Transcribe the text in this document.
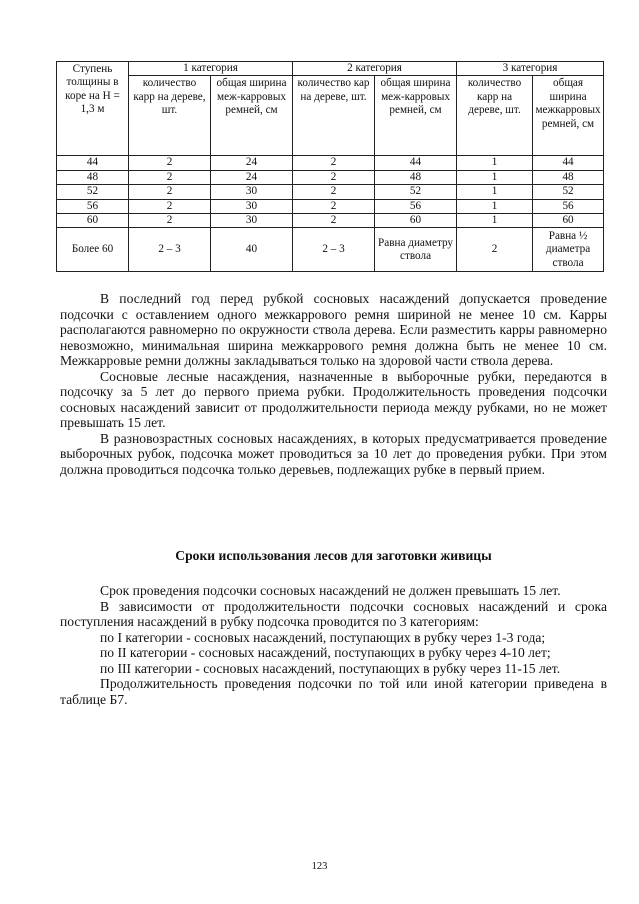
Ступень толщины в коре на Н = 1,3 м	1 категория		2 категория		3 категория	
	количество карр на дереве, шт.	общая ширина меж-карровых ремней, см	количество кар на дереве, шт.	общая ширина меж-карровых ремней, см	количество карр на дереве, шт.	общая ширина межкарровых ремней, см
44	2	24	2	44	1	44
48	2	24	2	48	1	48
52	2	30	2	52	1	52
56	2	30	2	56	1	56
60	2	30	2	60	1	60
Более 60	2 – 3	40	2 – 3	Равна диаметру ствола	2	Равна ½ диаметра ствола

В последний год перед рубкой сосновых насаждений допускается проведение подсочки с оставлением одного межкаррового ремня шириной не менее 10 см. Карры располагаются равномерно по окружности ствола дерева. Если разместить карры равномерно невозможно, минимальная ширина межкаррового ремня должна быть не менее 10 см. Межкарровые ремни должны закладываться только на здоровой части ствола дерева.

Сосновые лесные насаждения, назначенные в выборочные рубки, передаются в подсочку за 5 лет до первого приема рубки. Продолжительность проведения подсочки сосновых насаждений зависит от продолжительности периода между рубками, но не может превышать 15 лет.

В разновозрастных сосновых насаждениях, в которых предусматривается проведение выборочных рубок, подсочка может проводиться за 10 лет до проведения рубки. При этом должна проводиться подсочка только деревьев, подлежащих рубке в первый прием.

Сроки использования лесов для заготовки живицы

Срок проведения подсочки сосновых насаждений не должен превышать 15 лет.

В зависимости от продолжительности подсочки сосновых насаждений и срока поступления насаждений в рубку подсочка проводится по 3 категориям:

по I категории - сосновых насаждений, поступающих в рубку через 1-3 года;

по II категории - сосновых насаждений, поступающих в рубку через 4-10 лет;

по III категории - сосновых насаждений, поступающих в рубку через 11-15 лет.

Продолжительность проведения подсочки по той или иной категории приведена в таблице Б7.

123
